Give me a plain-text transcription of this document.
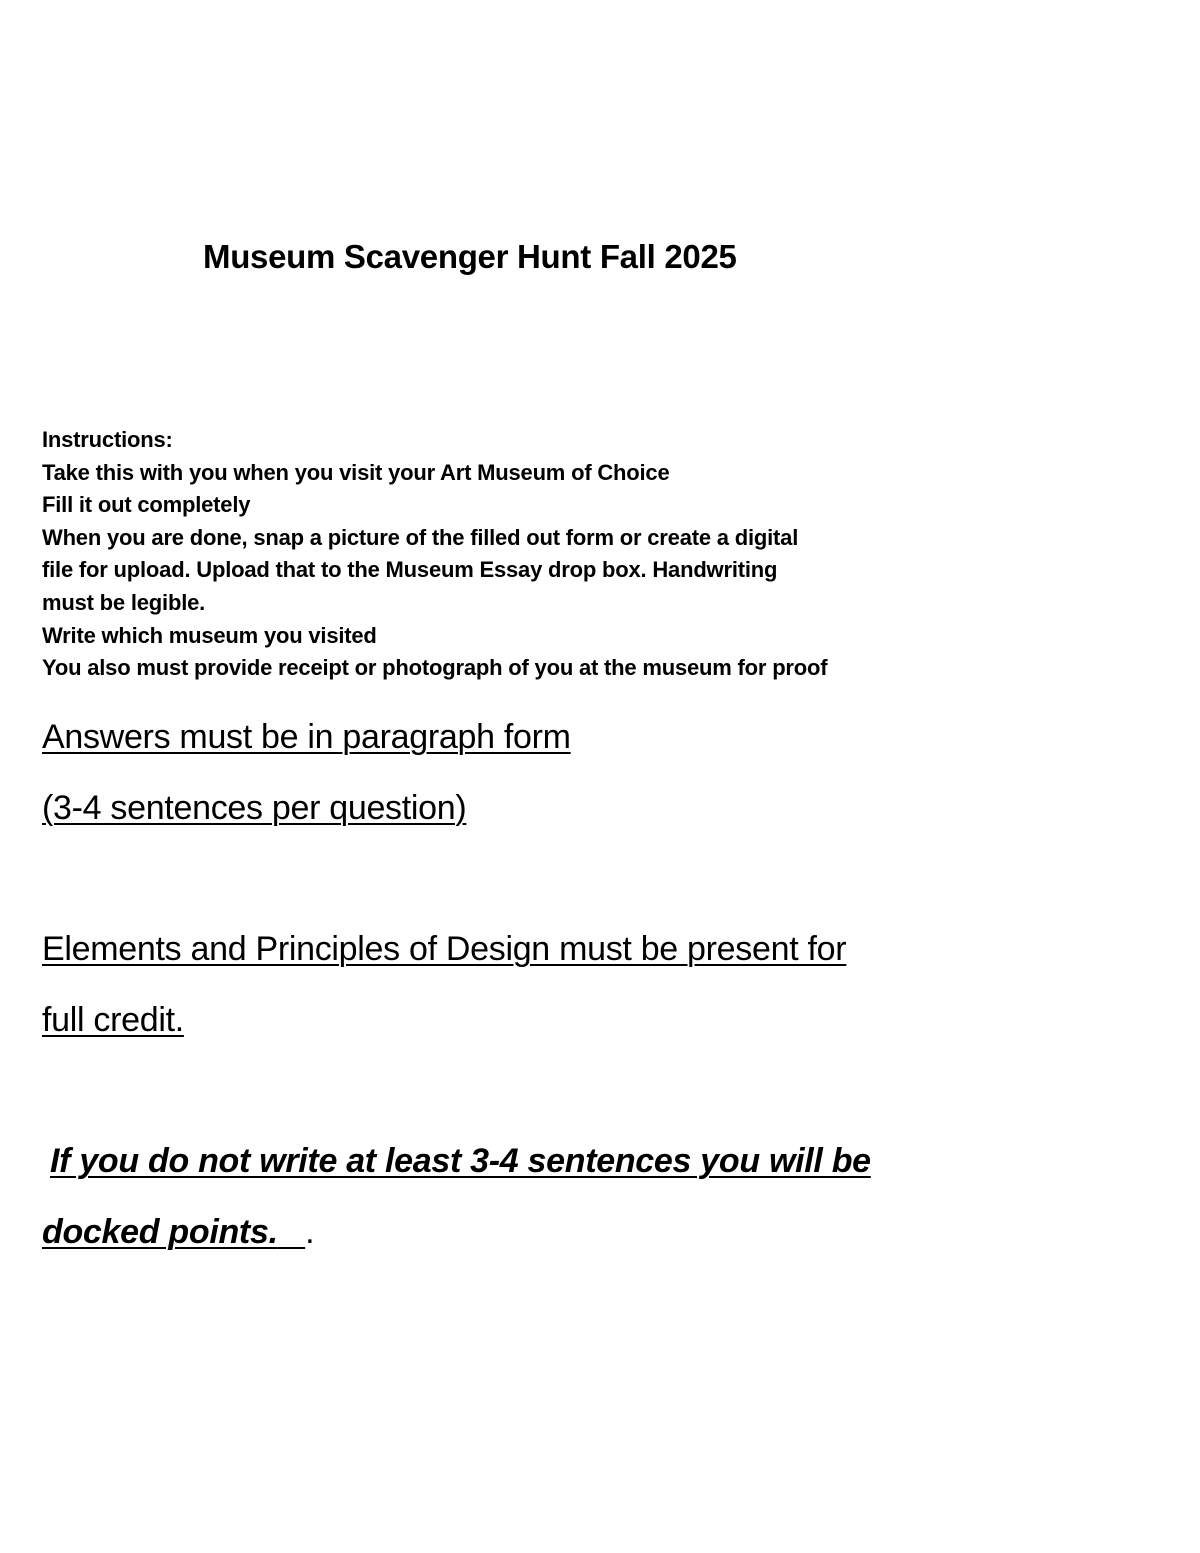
Museum Scavenger Hunt Fall 2025
Instructions:
Take this with you when you visit your Art Museum of Choice
Fill it out completely
When you are done, snap a picture of the filled out form or create a digital
file for upload. Upload that to the Museum Essay drop box. Handwriting
must be legible.
Write which museum you visited
You also must provide receipt or photograph of you at the museum for proof
Answers must be in paragraph form
(3-4 sentences per question)
Elements and Principles of Design must be present for
full credit.
If you do not write at least 3-4 sentences you will be
docked points. .
